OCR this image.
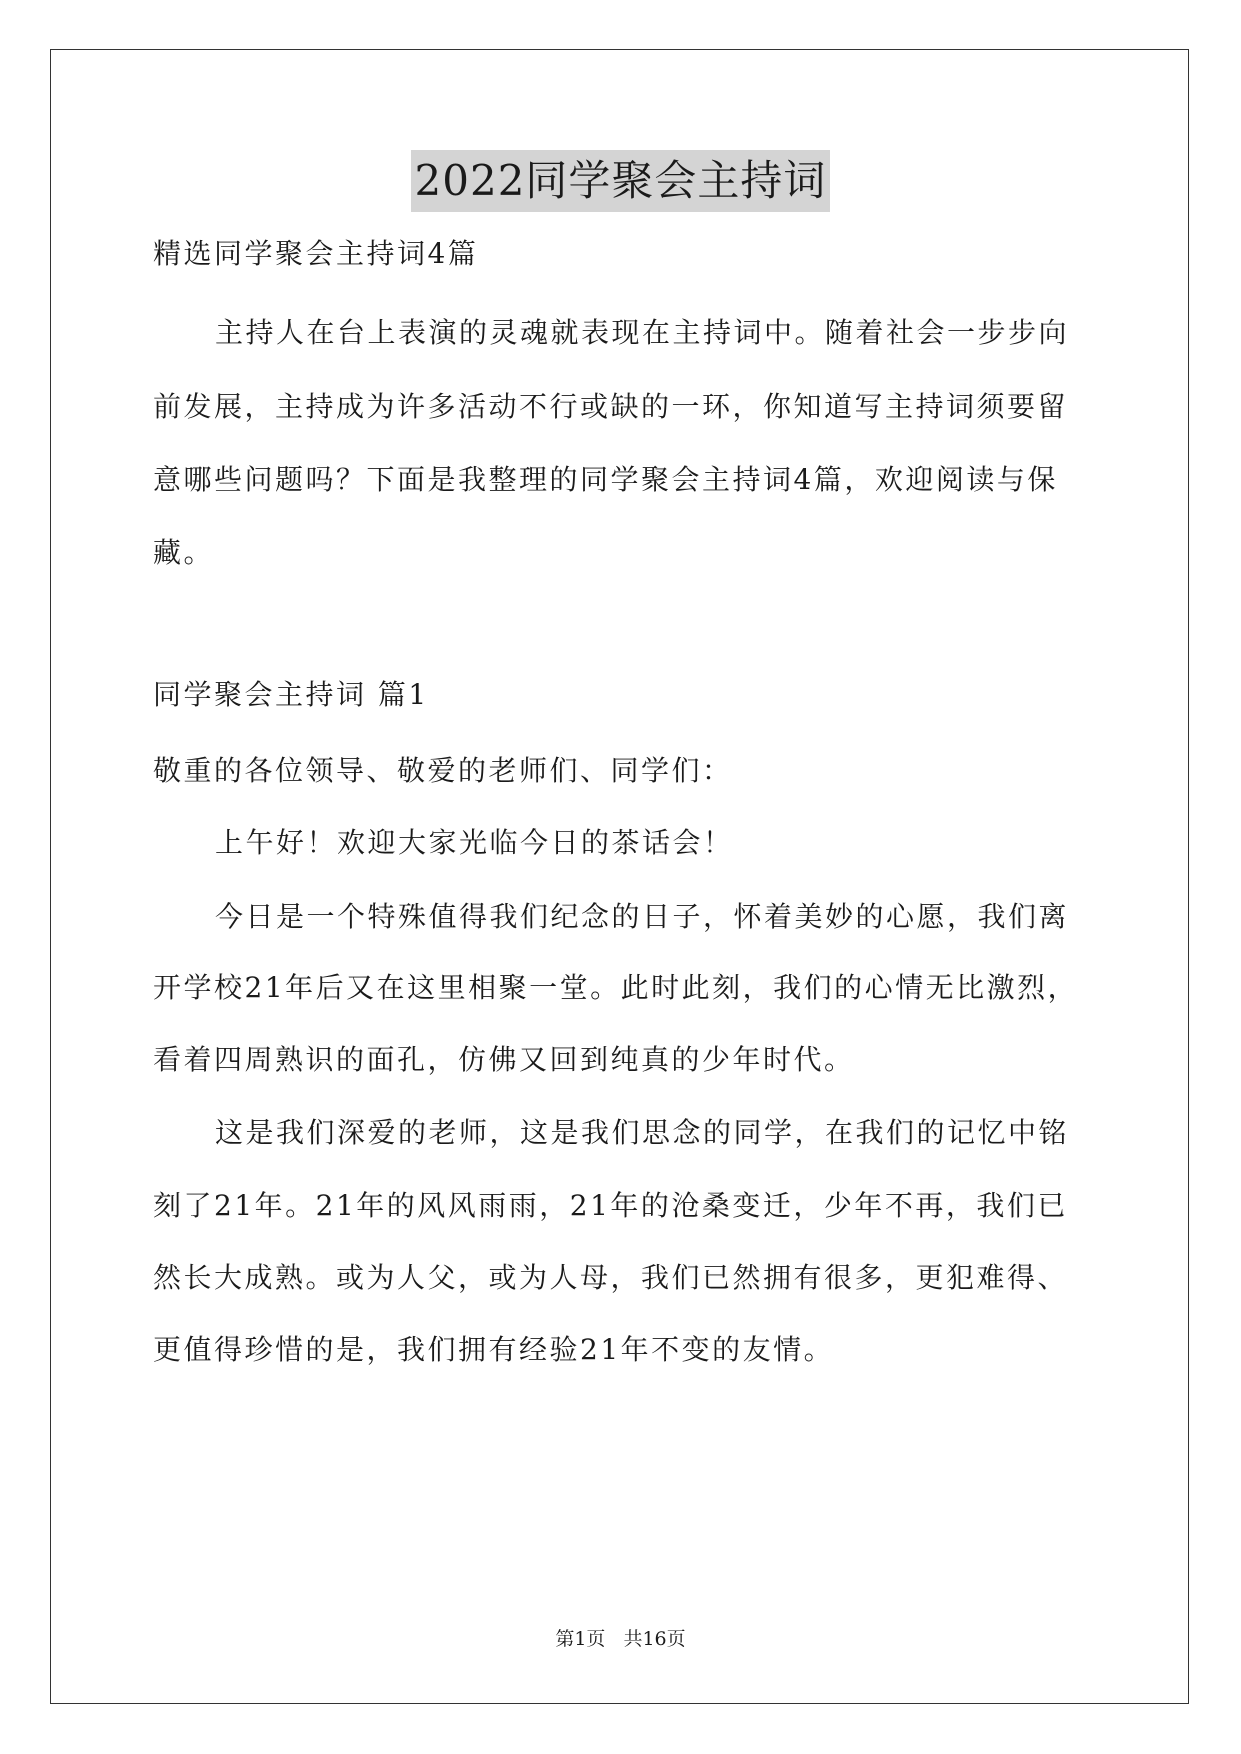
2022同学聚会主持词
精选同学聚会主持词4篇
主持人在台上表演的灵魂就表现在主持词中。随着社会一步步向
前发展，主持成为许多活动不行或缺的一环，你知道写主持词须要留
意哪些问题吗？下面是我整理的同学聚会主持词4篇，欢迎阅读与保
藏。
同学聚会主持词 篇1
敬重的各位领导、敬爱的老师们、同学们：
上午好！欢迎大家光临今日的茶话会！
今日是一个特殊值得我们纪念的日子，怀着美妙的心愿，我们离
开学校21年后又在这里相聚一堂。此时此刻，我们的心情无比激烈，
看着四周熟识的面孔，仿佛又回到纯真的少年时代。
这是我们深爱的老师，这是我们思念的同学，在我们的记忆中铭
刻了21年。21年的风风雨雨，21年的沧桑变迁，少年不再，我们已
然长大成熟。或为人父，或为人母，我们已然拥有很多，更犯难得、
更值得珍惜的是，我们拥有经验21年不变的友情。
第1页 共16页
